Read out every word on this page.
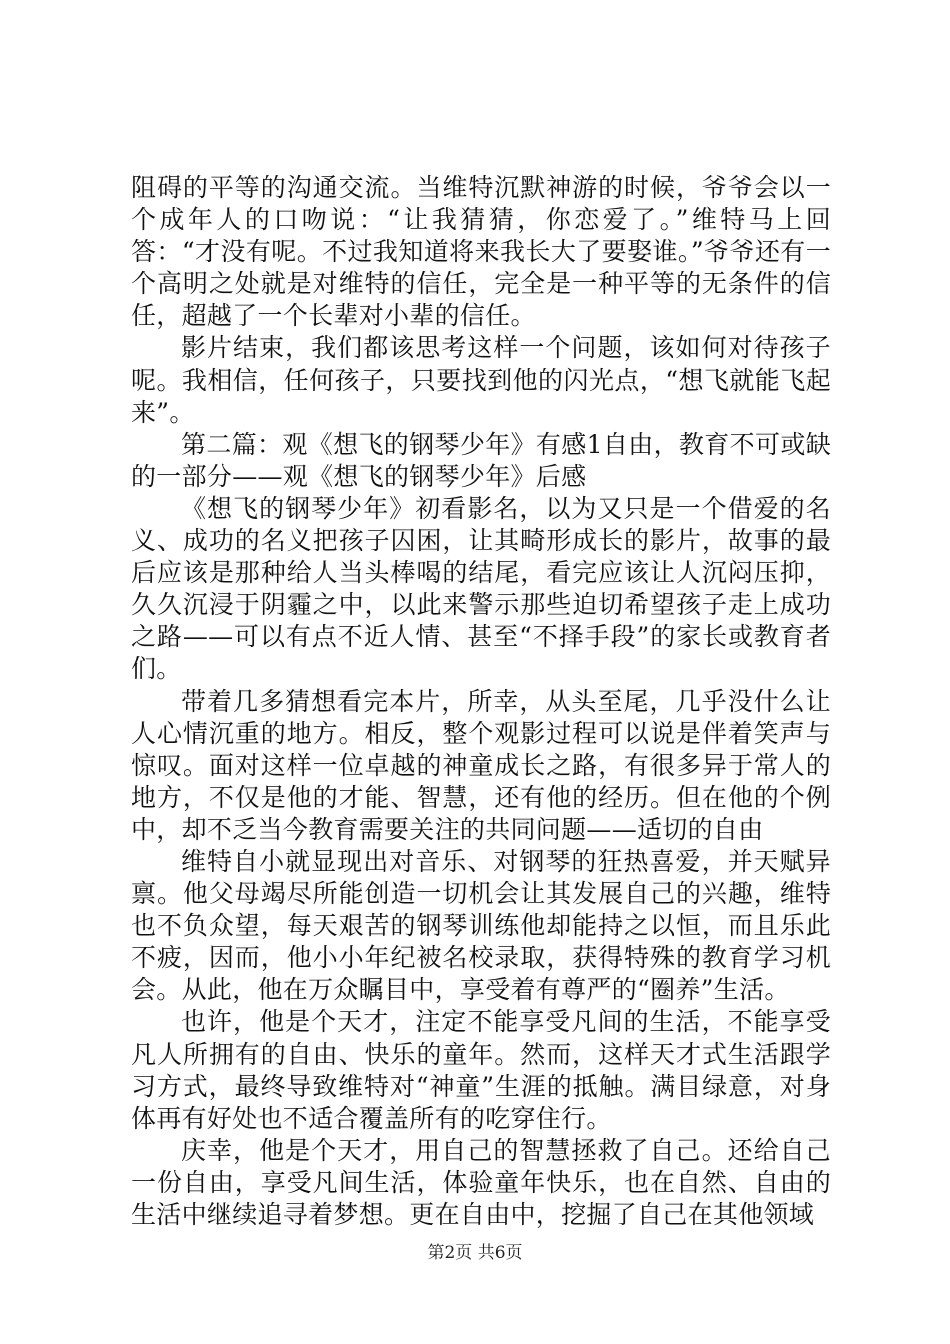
阻碍的平等的沟通交流。当维特沉默神游的时候，爷爷会以一个成年人的口吻说：“让我猜猜，你恋爱了。”维特马上回答：“才没有呢。不过我知道将来我长大了要娶谁。”爷爷还有一个高明之处就是对维特的信任，完全是一种平等的无条件的信任，超越了一个长辈对小辈的信任。

影片结束，我们都该思考这样一个问题，该如何对待孩子呢。我相信，任何孩子，只要找到他的闪光点，“想飞就能飞起来”。

第二篇：观《想飞的钢琴少年》有感1自由，教育不可或缺的一部分——观《想飞的钢琴少年》后感

《想飞的钢琴少年》初看影名，以为又只是一个借爱的名义、成功的名义把孩子囚困，让其畸形成长的影片，故事的最后应该是那种给人当头棒喝的结尾，看完应该让人沉闷压抑，久久沉浸于阴霾之中，以此来警示那些迫切希望孩子走上成功之路——可以有点不近人情、甚至“不择手段”的家长或教育者们。

带着几多猜想看完本片，所幸，从头至尾，几乎没什么让人心情沉重的地方。相反，整个观影过程可以说是伴着笑声与惊叹。面对这样一位卓越的神童成长之路，有很多异于常人的地方，不仅是他的才能、智慧，还有他的经历。但在他的个例中，却不乏当今教育需要关注的共同问题——适切的自由

维特自小就显现出对音乐、对钢琴的狂热喜爱，并天赋异禀。他父母竭尽所能创造一切机会让其发展自己的兴趣，维特也不负众望，每天艰苦的钢琴训练他却能持之以恒，而且乐此不疲，因而，他小小年纪被名校录取，获得特殊的教育学习机会。从此，他在万众瞩目中，享受着有尊严的“圈养”生活。

也许，他是个天才，注定不能享受凡间的生活，不能享受凡人所拥有的自由、快乐的童年。然而，这样天才式生活跟学习方式，最终导致维特对“神童”生涯的抵触。满目绿意，对身体再有好处也不适合覆盖所有的吃穿住行。

庆幸，他是个天才，用自己的智慧拯救了自己。还给自己一份自由，享受凡间生活，体验童年快乐，也在自然、自由的生活中继续追寻着梦想。更在自由中，挖掘了自己在其他领域

第2页 共6页
